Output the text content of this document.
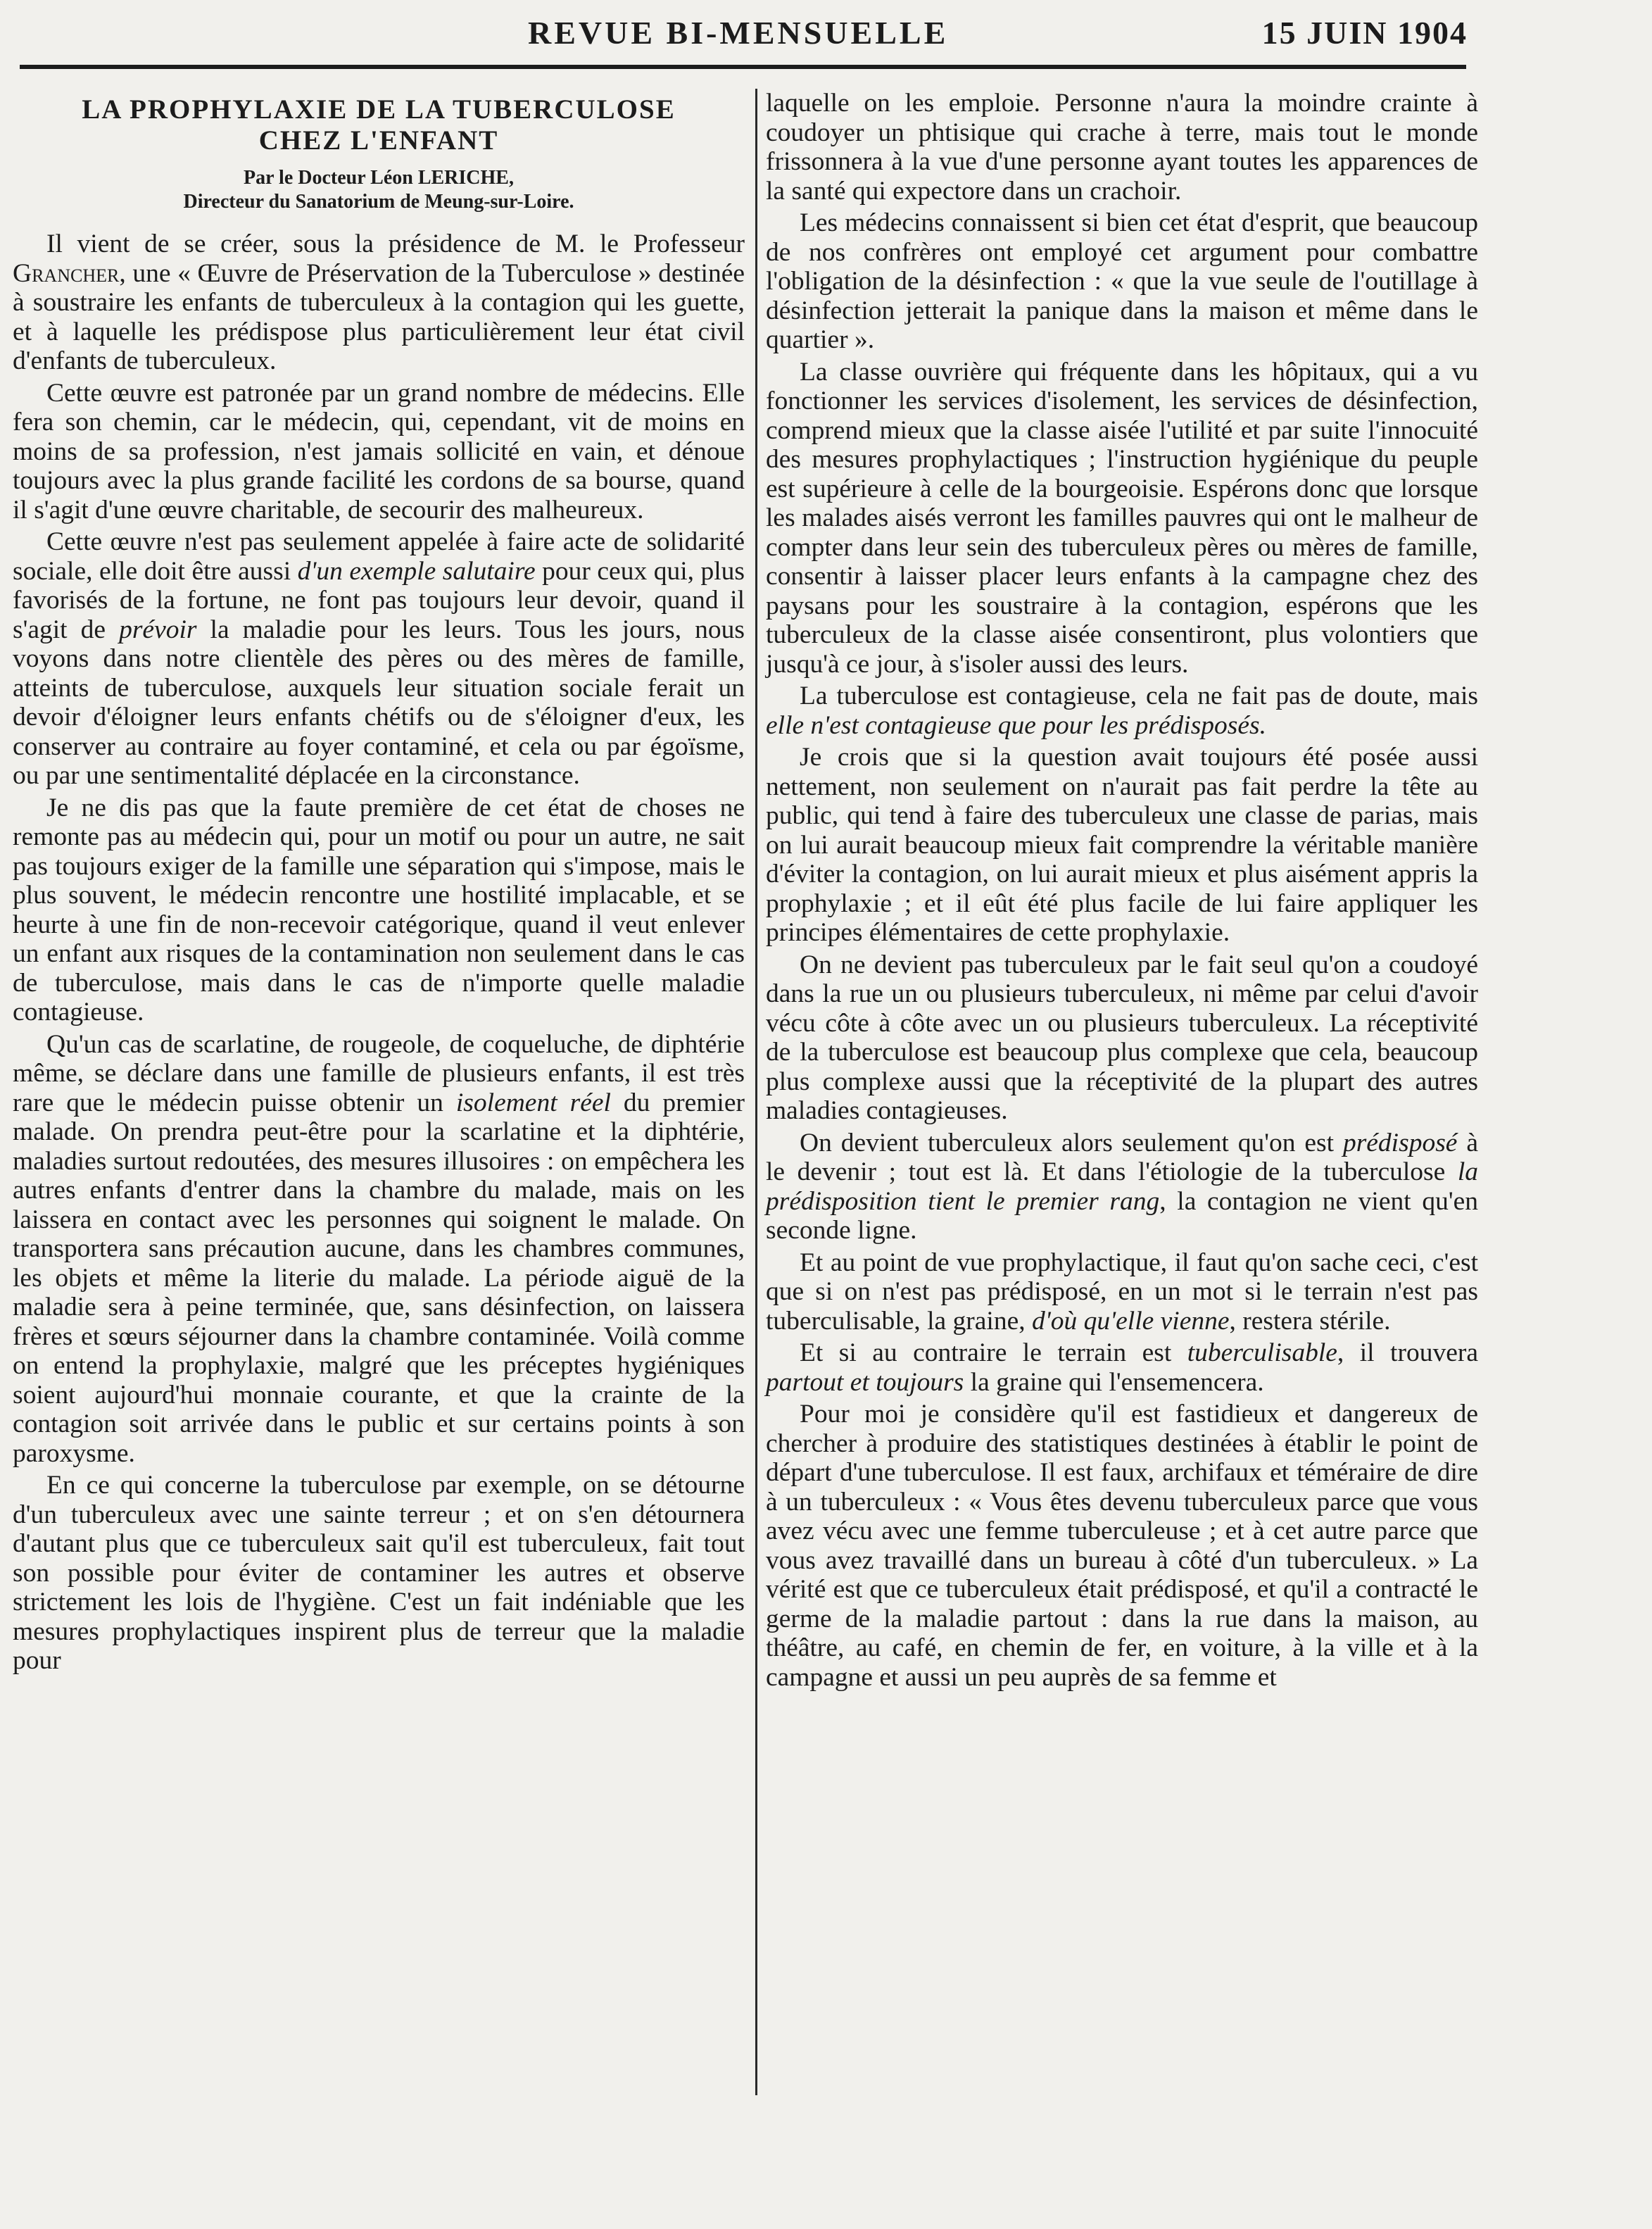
REVUE BI-MENSUELLE	15 JUIN 1904
LA PROPHYLAXIE DE LA TUBERCULOSE
CHEZ L'ENFANT

Par le Docteur Léon LERICHE,

Directeur du Sanatorium de Meung-sur-Loire.

Il vient de se créer, sous la présidence de M. le Professeur Grancher, une « Œuvre de Préservation de la Tuberculose » destinée à soustraire les enfants de tuberculeux à la contagion qui les guette, et à laquelle les prédispose plus particulièrement leur état civil d'enfants de tuberculeux.

Cette œuvre est patronée par un grand nombre de médecins. Elle fera son chemin, car le médecin, qui, cependant, vit de moins en moins de sa profession, n'est jamais sollicité en vain, et dénoue toujours avec la plus grande facilité les cordons de sa bourse, quand il s'agit d'une œuvre charitable, de secourir des malheureux.

Cette œuvre n'est pas seulement appelée à faire acte de solidarité sociale, elle doit être aussi d'un exemple salutaire pour ceux qui, plus favorisés de la fortune, ne font pas toujours leur devoir, quand il s'agit de prévoir la maladie pour les leurs. Tous les jours, nous voyons dans notre clientèle des pères ou des mères de famille, atteints de tuberculose, auxquels leur situation sociale ferait un devoir d'éloigner leurs enfants chétifs ou de s'éloigner d'eux, les conserver au contraire au foyer contaminé, et cela ou par égoïsme, ou par une sentimentalité déplacée en la circonstance.

Je ne dis pas que la faute première de cet état de choses ne remonte pas au médecin qui, pour un motif ou pour un autre, ne sait pas toujours exiger de la famille une séparation qui s'impose, mais le plus souvent, le médecin rencontre une hostilité implacable, et se heurte à une fin de non-recevoir catégorique, quand il veut enlever un enfant aux risques de la contamination non seulement dans le cas de tuberculose, mais dans le cas de n'importe quelle maladie contagieuse.

Qu'un cas de scarlatine, de rougeole, de coqueluche, de diphtérie même, se déclare dans une famille de plusieurs enfants, il est très rare que le médecin puisse obtenir un isolement réel du premier malade. On prendra peut-être pour la scarlatine et la diphtérie, maladies surtout redoutées, des mesures illusoires : on empêchera les autres enfants d'entrer dans la chambre du malade, mais on les laissera en contact avec les personnes qui soignent le malade. On transportera sans précaution aucune, dans les chambres communes, les objets et même la literie du malade. La période aiguë de la maladie sera à peine terminée, que, sans désinfection, on laissera frères et sœurs séjourner dans la chambre contaminée. Voilà comme on entend la prophylaxie, malgré que les préceptes hygiéniques soient aujourd'hui monnaie courante, et que la crainte de la contagion soit arrivée dans le public et sur certains points à son paroxysme.

En ce qui concerne la tuberculose par exemple, on se détourne d'un tuberculeux avec une sainte terreur ; et on s'en détournera d'autant plus que ce tuberculeux sait qu'il est tuberculeux, fait tout son possible pour éviter de contaminer les autres et observe strictement les lois de l'hygiène. C'est un fait indéniable que les mesures prophylactiques inspirent plus de terreur que la maladie pour

laquelle on les emploie. Personne n'aura la moindre crainte à coudoyer un phtisique qui crache à terre, mais tout le monde frissonnera à la vue d'une personne ayant toutes les apparences de la santé qui expectore dans un crachoir.

Les médecins connaissent si bien cet état d'esprit, que beaucoup de nos confrères ont employé cet argument pour combattre l'obligation de la désinfection : « que la vue seule de l'outillage à désinfection jetterait la panique dans la maison et même dans le quartier ».

La classe ouvrière qui fréquente dans les hôpitaux, qui a vu fonctionner les services d'isolement, les services de désinfection, comprend mieux que la classe aisée l'utilité et par suite l'innocuité des mesures prophylactiques ; l'instruction hygiénique du peuple est supérieure à celle de la bourgeoisie. Espérons donc que lorsque les malades aisés verront les familles pauvres qui ont le malheur de compter dans leur sein des tuberculeux pères ou mères de famille, consentir à laisser placer leurs enfants à la campagne chez des paysans pour les soustraire à la contagion, espérons que les tuberculeux de la classe aisée consentiront, plus volontiers que jusqu'à ce jour, à s'isoler aussi des leurs.

La tuberculose est contagieuse, cela ne fait pas de doute, mais elle n'est contagieuse que pour les prédisposés.

Je crois que si la question avait toujours été posée aussi nettement, non seulement on n'aurait pas fait perdre la tête au public, qui tend à faire des tuberculeux une classe de parias, mais on lui aurait beaucoup mieux fait comprendre la véritable manière d'éviter la contagion, on lui aurait mieux et plus aisément appris la prophylaxie ; et il eût été plus facile de lui faire appliquer les principes élémentaires de cette prophylaxie.

On ne devient pas tuberculeux par le fait seul qu'on a coudoyé dans la rue un ou plusieurs tuberculeux, ni même par celui d'avoir vécu côte à côte avec un ou plusieurs tuberculeux. La réceptivité de la tuberculose est beaucoup plus complexe que cela, beaucoup plus complexe aussi que la réceptivité de la plupart des autres maladies contagieuses.

On devient tuberculeux alors seulement qu'on est prédisposé à le devenir ; tout est là. Et dans l'étiologie de la tuberculose la prédisposition tient le premier rang, la contagion ne vient qu'en seconde ligne.

Et au point de vue prophylactique, il faut qu'on sache ceci, c'est que si on n'est pas prédisposé, en un mot si le terrain n'est pas tuberculisable, la graine, d'où qu'elle vienne, restera stérile.

Et si au contraire le terrain est tuberculisable, il trouvera partout et toujours la graine qui l'ensemencera.

Pour moi je considère qu'il est fastidieux et dangereux de chercher à produire des statistiques destinées à établir le point de départ d'une tuberculose. Il est faux, archifaux et téméraire de dire à un tuberculeux : « Vous êtes devenu tuberculeux parce que vous avez vécu avec une femme tuberculeuse ; et à cet autre parce que vous avez travaillé dans un bureau à côté d'un tuberculeux. » La vérité est que ce tuberculeux était prédisposé, et qu'il a contracté le germe de la maladie partout : dans la rue dans la maison, au théâtre, au café, en chemin de fer, en voiture, à la ville et à la campagne et aussi un peu auprès de sa femme et
